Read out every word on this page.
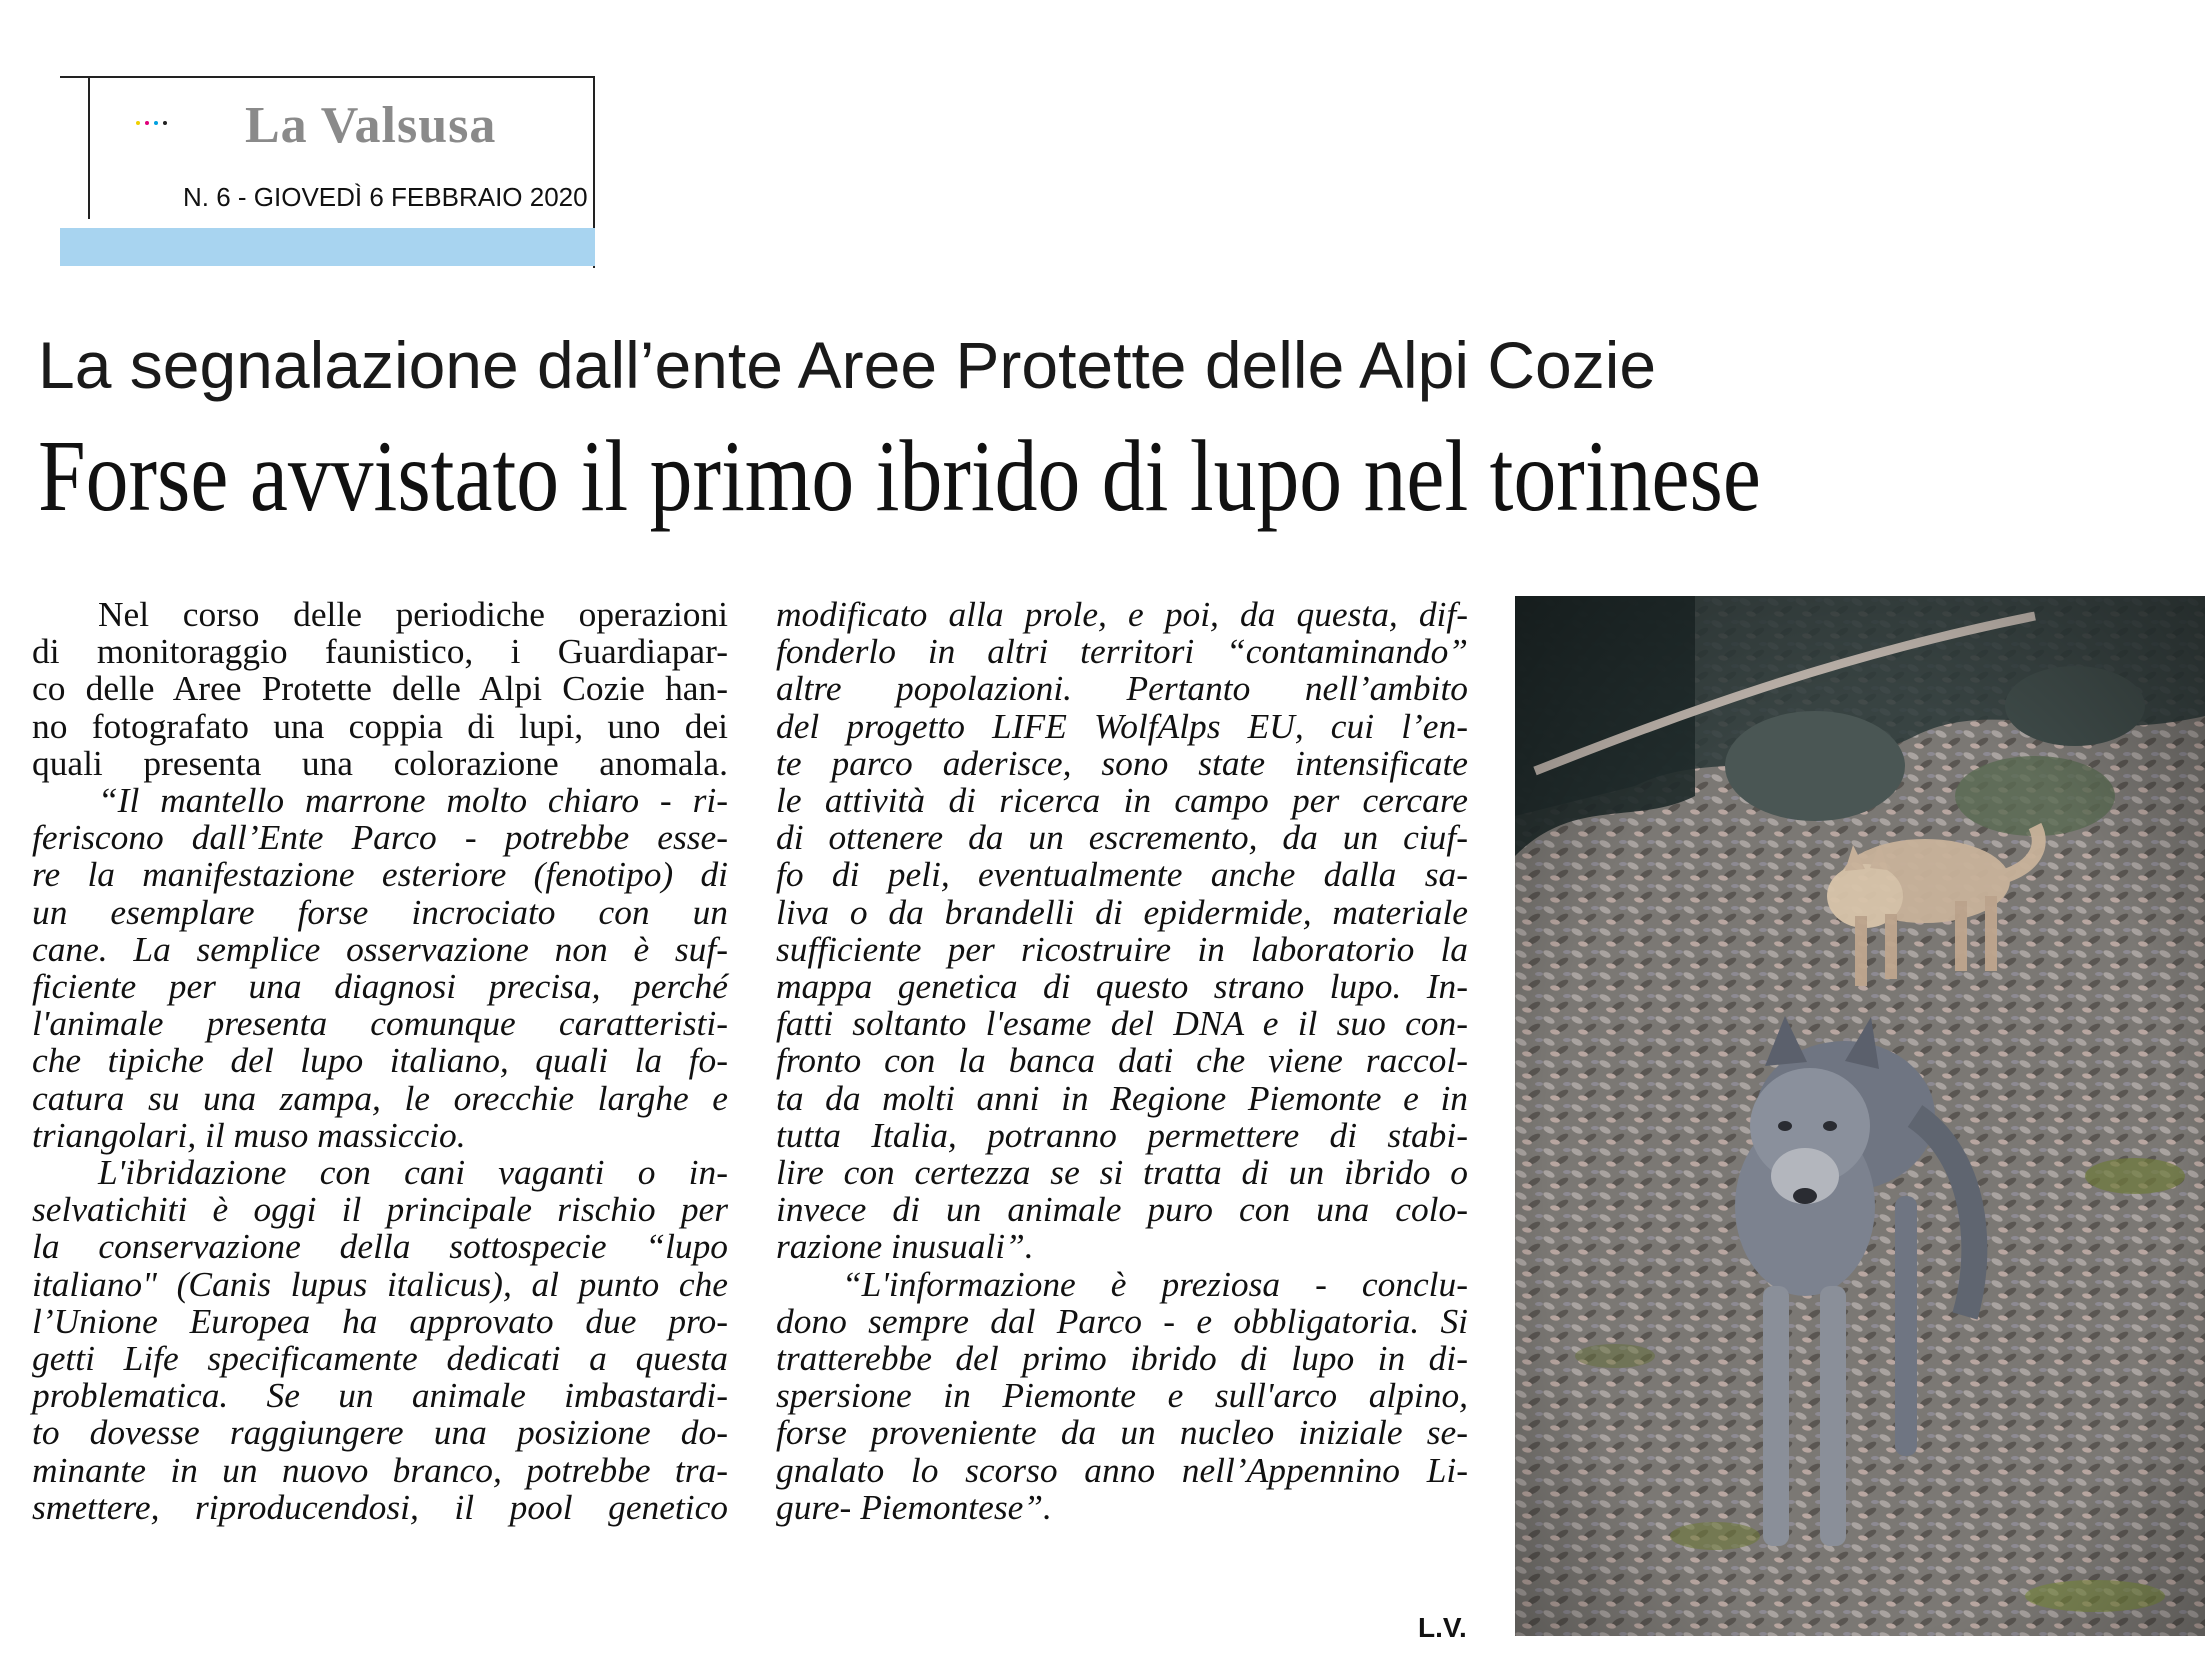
La Valsusa
N. 6 - GIOVEDÌ 6 FEBBRAIO 2020
La segnalazione dall’ente Aree Protette delle Alpi Cozie
Forse avvistato il primo ibrido di lupo nel torinese
Nel corso delle periodiche operazioni
di monitoraggio faunistico, i Guardiapar-
co delle Aree Protette delle Alpi Cozie han-
no fotografato una coppia di lupi, uno dei
quali presenta una colorazione anomala.
“Il mantello marrone molto chiaro - ri-
feriscono dall’Ente Parco - potrebbe esse-
re la manifestazione esteriore (fenotipo) di
un esemplare forse incrociato con un
cane. La semplice osservazione non è suf-
ficiente per una diagnosi precisa, perché
l'animale presenta comunque caratteristi-
che tipiche del lupo italiano, quali la fo-
catura su una zampa, le orecchie larghe e
triangolari, il muso massiccio.
L'ibridazione con cani vaganti o in-
selvatichiti è oggi il principale rischio per
la conservazione della sottospecie “lupo
italiano" (Canis lupus italicus), al punto che
l’Unione Europea ha approvato due pro-
getti Life specificamente dedicati a questa
problematica. Se un animale imbastardi-
to dovesse raggiungere una posizione do-
minante in un nuovo branco, potrebbe tra-
smettere, riproducendosi, il pool genetico
modificato alla prole, e poi, da questa, dif-
fonderlo in altri territori “contaminando”
altre popolazioni. Pertanto nell’ambito
del progetto LIFE WolfAlps EU, cui l’en-
te parco aderisce, sono state intensificate
le attività di ricerca in campo per cercare
di ottenere da un escremento, da un ciuf-
fo di peli, eventualmente anche dalla sa-
liva o da brandelli di epidermide, materiale
sufficiente per ricostruire in laboratorio la
mappa genetica di questo strano lupo. In-
fatti soltanto l'esame del DNA e il suo con-
fronto con la banca dati che viene raccol-
ta da molti anni in Regione Piemonte e in
tutta Italia, potranno permettere di stabi-
lire con certezza se si tratta di un ibrido o
invece di un animale puro con una colo-
razione inusuali”.
“L'informazione è preziosa - conclu-
dono sempre dal Parco - e obbligatoria. Si
tratterebbe del primo ibrido di lupo in di-
spersione in Piemonte e sull'arco alpino,
forse proveniente da un nucleo iniziale se-
gnalato lo scorso anno nell’Appennino Li-
gure- Piemontese”.
L.V.
